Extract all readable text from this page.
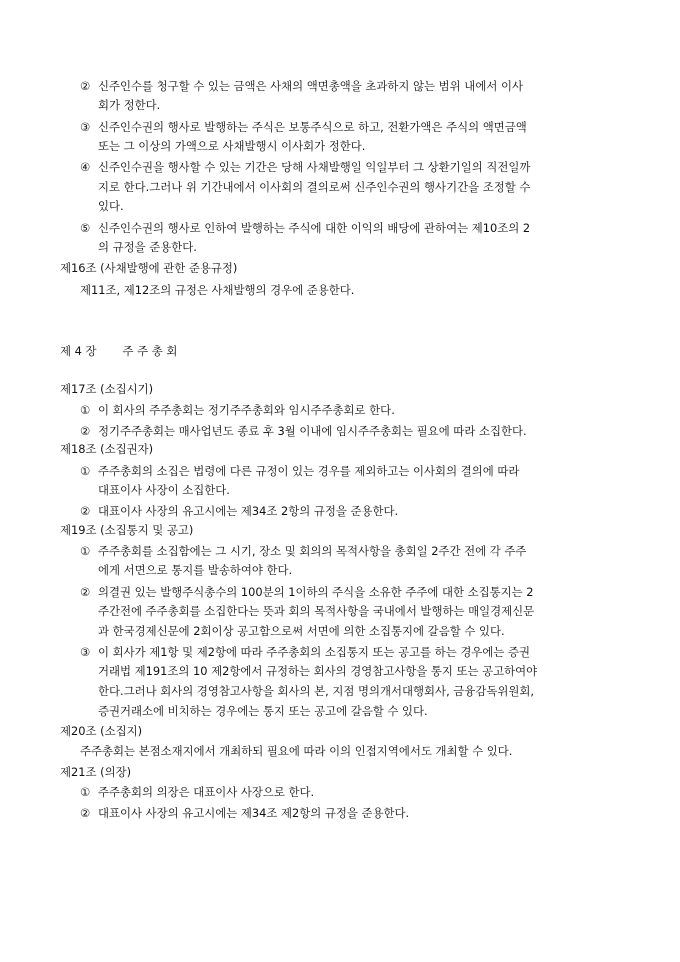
② 신주인수를 청구할 수 있는 금액은 사채의 액면총액을 초과하지 않는 범위 내에서 이사
회가 정한다.
③ 신주인수권의 행사로 발행하는 주식은 보통주식으로 하고, 전환가액은 주식의 액면금액
또는 그 이상의 가액으로 사채발행시 이사회가 정한다.
④ 신주인수권을 행사할 수 있는 기간은 당해 사채발행일 익일부터 그 상환기일의 직전일까
지로 한다.그러나 위 기간내에서 이사회의 결의로써 신주인수권의 행사기간을 조정할 수
있다.
⑤ 신주인수권의 행사로 인하여 발행하는 주식에 대한 이익의 배당에 관하여는 제10조의 2
의 규정을 준용한다.
제16조 (사채발행에 관한 준용규정)
제11조, 제12조의 규정은 사채발행의 경우에 준용한다.
제 4 장 주 주 총 회
제17조 (소집시기)
① 이 회사의 주주총회는 정기주주총회와 임시주주총회로 한다.
② 정기주주총회는 매사업년도 종료 후 3월 이내에 임시주주총회는 필요에 따라 소집한다.
제18조 (소집권자)
① 주주총회의 소집은 법령에 다른 규정이 있는 경우를 제외하고는 이사회의 결의에 따라
대표이사 사장이 소집한다.
② 대표이사 사장의 유고시에는 제34조 2항의 규정을 준용한다.
제19조 (소집통지 및 공고)
① 주주총회를 소집함에는 그 시기, 장소 및 회의의 목적사항을 총회일 2주간 전에 각 주주
에게 서면으로 통지를 발송하여야 한다.
② 의결권 있는 발행주식총수의 100분의 1이하의 주식을 소유한 주주에 대한 소집통지는 2
주간전에 주주총회를 소집한다는 뜻과 회의 목적사항을 국내에서 발행하는 매일경제신문
과 한국경제신문에 2회이상 공고함으로써 서면에 의한 소집통지에 갈음할 수 있다.
③ 이 회사가 제1항 및 제2항에 따라 주주총회의 소집통지 또는 공고를 하는 경우에는 증권
거래법 제191조의 10 제2항에서 규정하는 회사의 경영참고사항을 통지 또는 공고하여야
한다.그러나 회사의 경영참고사항을 회사의 본, 지점 명의개서대행회사, 금융감독위원회,
증권거래소에 비치하는 경우에는 통지 또는 공고에 갈음할 수 있다.
제20조 (소집지)
주주총회는 본점소재지에서 개최하되 필요에 따라 이의 인접지역에서도 개최할 수 있다.
제21조 (의장)
① 주주총회의 의장은 대표이사 사장으로 한다.
② 대표이사 사장의 유고시에는 제34조 제2항의 규정을 준용한다.
